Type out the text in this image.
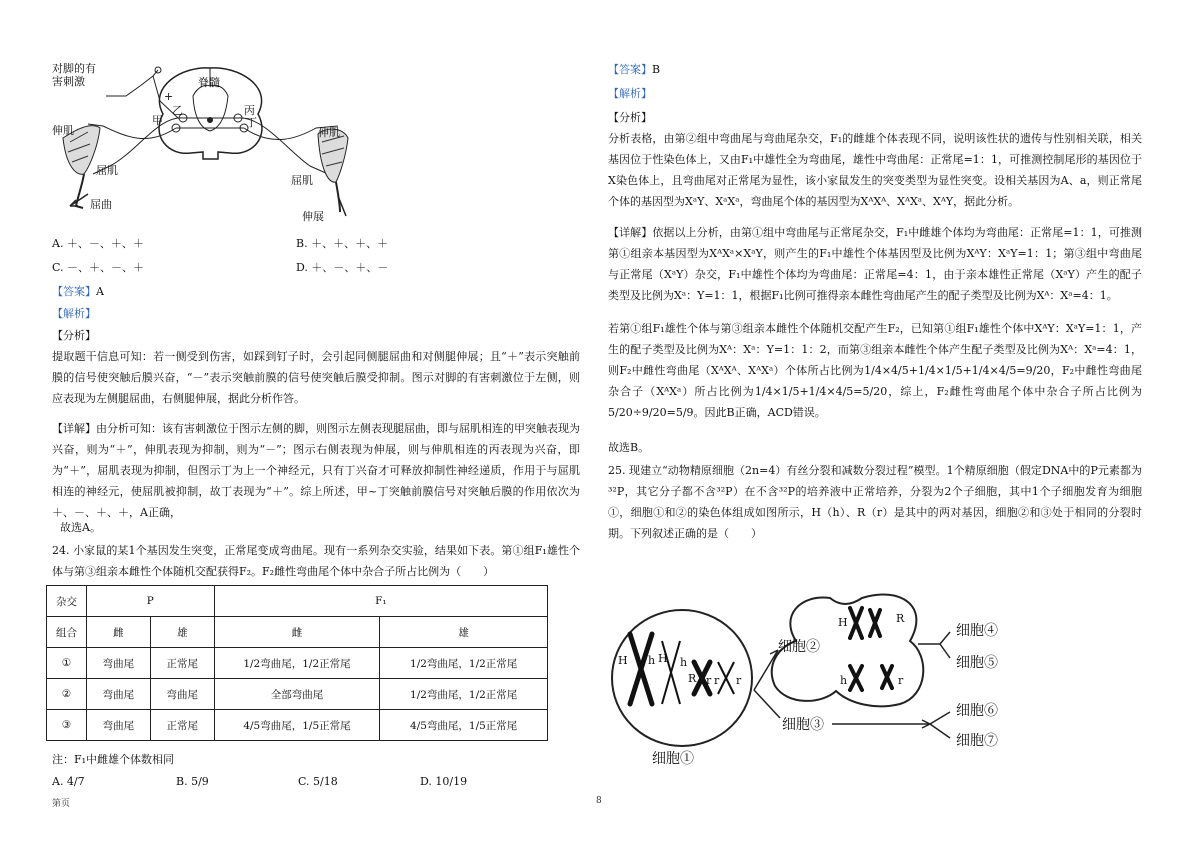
对脚的有害刺激	脊髓
+
甲
乙	丙
丁
伸肌
屈肌
屈曲
伸肌
屈肌
伸展
A. ＋、－、＋、＋	B. ＋、＋、＋、＋
C. －、＋、－、＋	D. ＋、－、＋、－
【答案】A
【解析】
【分析】
提取题干信息可知：若一侧受到伤害，如踩到钉子时，会引起同侧腿屈曲和对侧腿伸展；且“＋”表示突触前膜的信号使突触后膜兴奋，“－”表示突触前膜的信号使突触后膜受抑制。图示对脚的有害刺激位于左侧，则应表现为左侧腿屈曲，右侧腿伸展，据此分析作答。
【详解】由分析可知：该有害刺激位于图示左侧的脚，则图示左侧表现腿屈曲，即与屈肌相连的甲突触表现为兴奋，则为“＋”，伸肌表现为抑制，则为“－”；图示右侧表现为伸展，则与伸肌相连的丙表现为兴奋，即为“＋”，屈肌表现为抑制，但图示丁为上一个神经元，只有丁兴奋才可释放抑制性神经递质，作用于与屈肌相连的神经元，使屈肌被抑制，故丁表现为“＋”。综上所述，甲~丁突触前膜信号对突触后膜的作用依次为＋、－、＋、＋，A正确，
故选A。
24. 小家鼠的某1个基因发生突变，正常尾变成弯曲尾。现有一系列杂交实验，结果如下表。第①组F₁雄性个体与第③组亲本雌性个体随机交配获得F₂。F₂雌性弯曲尾个体中杂合子所占比例为（　　）
杂交	P		F₁	
组合	雌	雄	雌	雄
①	弯曲尾	正常尾	1/2弯曲尾，1/2正常尾	1/2弯曲尾，1/2正常尾
②	弯曲尾	弯曲尾	全部弯曲尾	1/2弯曲尾，1/2正常尾
③	弯曲尾	正常尾	4/5弯曲尾，1/5正常尾	4/5弯曲尾，1/5正常尾
注：F₁中雌雄个体数相同
A. 4/7	B. 5/9	C. 5/18	D. 10/19
【答案】B
【解析】
【分析】
分析表格，由第②组中弯曲尾与弯曲尾杂交，F₁的雌雄个体表现不同，说明该性状的遗传与性别相关联，相关基因位于性染色体上，又由F₁中雄性全为弯曲尾，雄性中弯曲尾：正常尾=1：1，可推测控制尾形的基因位于X染色体上，且弯曲尾对正常尾为显性，该小家鼠发生的突变类型为显性突变。设相关基因为A、a，则正常尾个体的基因型为XᵃY、XᵃXᵃ，弯曲尾个体的基因型为XᴬXᴬ、XᴬXᵃ、XᴬY，据此分析。
【详解】依据以上分析，由第①组中弯曲尾与正常尾杂交，F₁中雌雄个体均为弯曲尾：正常尾=1：1，可推测第①组亲本基因型为XᴬXᵃ×XᵃY，则产生的F₁中雄性个体基因型及比例为XᴬY：XᵃY=1：1；第③组中弯曲尾与正常尾（XᵃY）杂交，F₁中雄性个体均为弯曲尾：正常尾=4：1，由于亲本雄性正常尾（XᵃY）产生的配子类型及比例为Xᵃ：Y=1：1，根据F₁比例可推得亲本雌性弯曲尾产生的配子类型及比例为Xᴬ：Xᵃ=4：1。
若第①组F₁雄性个体与第③组亲本雌性个体随机交配产生F₂，已知第①组F₁雄性个体中XᴬY：XᵃY=1：1，产生的配子类型及比例为Xᴬ：Xᵃ：Y=1：1：2，而第③组亲本雌性个体产生配子类型及比例为Xᴬ：Xᵃ=4：1，则F₂中雌性弯曲尾（XᴬXᴬ、XᴬXᵃ）个体所占比例为1/4×4/5+1/4×1/5+1/4×4/5=9/20，F₂中雌性弯曲尾杂合子（XᴬXᵃ）所占比例为1/4×1/5+1/4×4/5=5/20，综上，F₂雌性弯曲尾个体中杂合子所占比例为5/20÷9/20=5/9。因此B正确，ACD错误。
故选B。
25. 现建立“动物精原细胞（2n=4）有丝分裂和减数分裂过程”模型。1个精原细胞（假定DNA中的P元素都为³²P，其它分子都不含³²P）在不含³²P的培养液中正常培养，分裂为2个子细胞，其中1个子细胞发育为细胞①，细胞①和②的染色体组成如图所示，H（h）、R（r）是其中的两对基因，细胞②和③处于相同的分裂时期。下列叙述正确的是（　　）
H h H h
R r r r
H	R
h	r
细胞①
细胞②
细胞③
细胞④
细胞⑤
细胞⑥
细胞⑦
第页	8
